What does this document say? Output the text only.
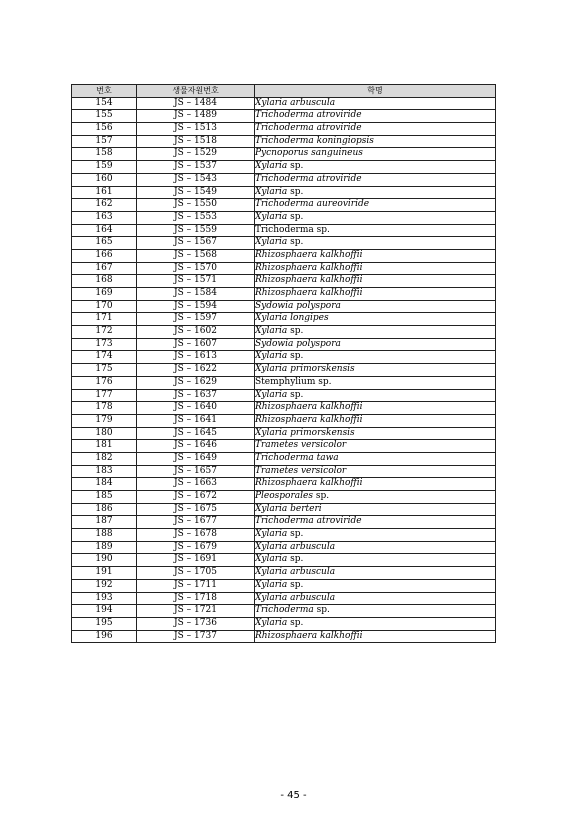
번호	생물자원번호	학명
154	JS – 1484	Xylaria arbuscula
155	JS – 1489	Trichoderma atroviride
156	JS – 1513	Trichoderma atroviride
157	JS – 1518	Trichoderma koningiopsis
158	JS – 1529	Pycnoporus sanguineus
159	JS – 1537	Xylaria sp.
160	JS – 1543	Trichoderma atroviride
161	JS – 1549	Xylaria sp.
162	JS – 1550	Trichoderma aureoviride
163	JS – 1553	Xylaria sp.
164	JS – 1559	Trichoderma sp.
165	JS – 1567	Xylaria sp.
166	JS – 1568	Rhizosphaera kalkhoffii
167	JS – 1570	Rhizosphaera kalkhoffii
168	JS – 1571	Rhizosphaera kalkhoffii
169	JS – 1584	Rhizosphaera kalkhoffii
170	JS – 1594	Sydowia polyspora
171	JS – 1597	Xylaria longipes
172	JS – 1602	Xylaria sp.
173	JS – 1607	Sydowia polyspora
174	JS – 1613	Xylaria sp.
175	JS – 1622	Xylaria primorskensis
176	JS – 1629	Stemphylium sp.
177	JS – 1637	Xylaria sp.
178	JS – 1640	Rhizosphaera kalkhoffii
179	JS – 1641	Rhizosphaera kalkhoffii
180	JS – 1645	Xylaria primorskensis
181	JS – 1646	Trametes versicolor
182	JS – 1649	Trichoderma tawa
183	JS – 1657	Trametes versicolor
184	JS – 1663	Rhizosphaera kalkhoffii
185	JS – 1672	Pleosporales sp.
186	JS – 1675	Xylaria berteri
187	JS – 1677	Trichoderma atroviride
188	JS – 1678	Xylaria sp.
189	JS – 1679	Xylaria arbuscula
190	JS – 1691	Xylaria sp.
191	JS – 1705	Xylaria arbuscula
192	JS – 1711	Xylaria sp.
193	JS – 1718	Xylaria arbuscula
194	JS – 1721	Trichoderma sp.
195	JS – 1736	Xylaria sp.
196	JS – 1737	Rhizosphaera kalkhoffii
- 45 -
